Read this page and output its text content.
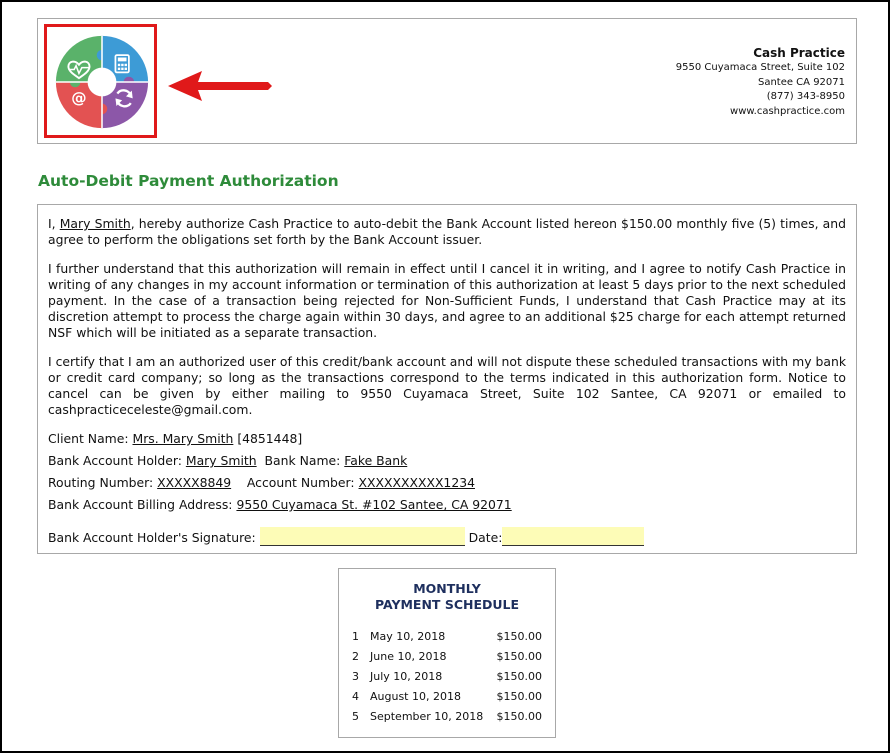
@
Cash Practice
9550 Cuyamaca Street, Suite 102
Santee CA 92071
(877) 343-8950
www.cashpractice.com
Auto-Debit Payment Authorization

I, Mary Smith, hereby authorize Cash Practice to auto-debit the Bank Account listed hereon $150.00 monthly five (5) times, and agree to perform the obligations set forth by the Bank Account issuer.

I further understand that this authorization will remain in effect until I cancel it in writing, and I agree to notify Cash Practice in writing of any changes in my account information or termination of this authorization at least 5 days prior to the next scheduled payment. In the case of a transaction being rejected for Non-Sufficient Funds, I understand that Cash Practice may at its discretion attempt to process the charge again within 30 days, and agree to an additional $25 charge for each attempt returned NSF which will be initiated as a separate transaction.

I certify that I am an authorized user of this credit/bank account and will not dispute these scheduled transactions with my bank or credit card company; so long as the transactions correspond to the terms indicated in this authorization form. Notice to cancel can be given by either mailing to 9550 Cuyamaca Street, Suite 102 Santee, CA 92071 or emailed to cashpracticeceleste@gmail.com.

Client Name: Mrs. Mary Smith [4851448]
Bank Account Holder: Mary Smith Bank Name: Fake Bank
Routing Number: XXXXX8849 Account Number: XXXXXXXXXX1234
Bank Account Billing Address: 9550 Cuyamaca St. #102 Santee, CA 92071
Bank Account Holder's Signature:	Date:
MONTHLY
PAYMENT SCHEDULE
1 May 10, 2018	$150.00
2 June 10, 2018	$150.00
3 July 10, 2018	$150.00
4 August 10, 2018	$150.00
5 September 10, 2018 $150.00
